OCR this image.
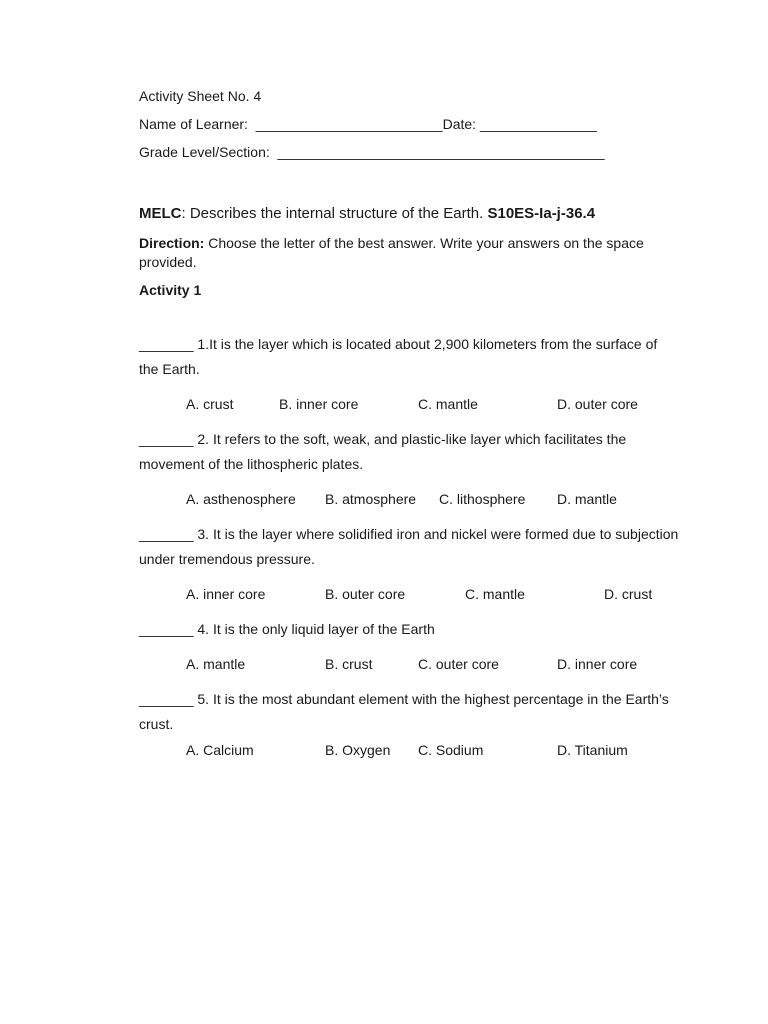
Activity Sheet No. 4
Name of Learner:  ________________________Date: _______________
Grade Level/Section:  __________________________________________
MELC: Describes the internal structure of the Earth. S10ES-Ia-j-36.4
Direction: Choose the letter of the best answer. Write your answers on the space provided.
Activity 1
_______ 1.It is the layer which is located about 2,900 kilometers from the surface of the Earth.
A. crust	B. inner core	C. mantle	D. outer core
_______ 2. It refers to the soft, weak, and plastic-like layer which facilitates the movement of the lithospheric plates.
A. asthenosphere B. atmosphere C. lithosphere D. mantle
_______ 3. It is the layer where solidified iron and nickel were formed due to subjection under tremendous pressure.
A. inner core	B. outer core	C. mantle	D. crust
_______ 4. It is the only liquid layer of the Earth
A. mantle	B. crust	C. outer core	D. inner core
_______ 5. It is the most abundant element with the highest percentage in the Earth’s crust.
A. Calcium	B. Oxygen C. Sodium	D. Titanium
